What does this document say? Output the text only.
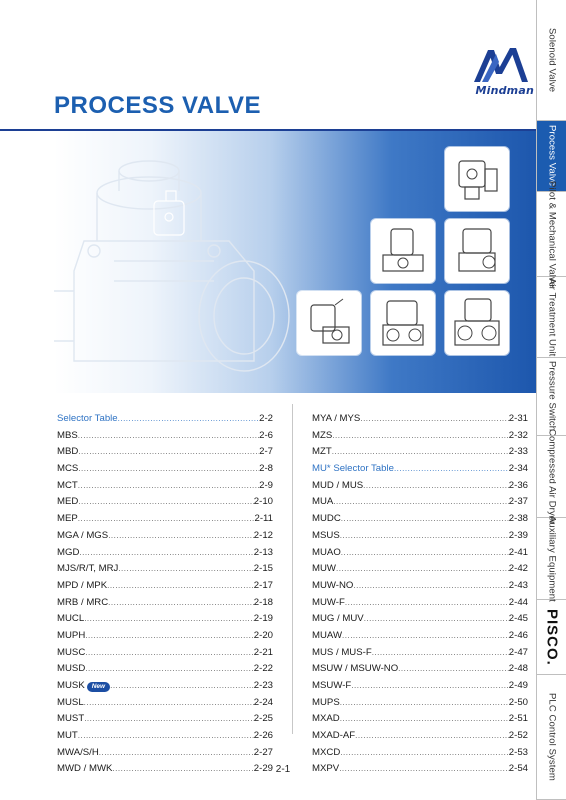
Mindman
PROCESS VALVE
Selector Table .....	2-2
MBS .....	2-6
MBD .....	2-7
MCS .....	2-8
MCT .....	2-9
MED .....	2-10
MEP .....	2-11
MGA / MGS .....	2-12
MGD .....	2-13
MJS/R/T, MRJ .....	2-15
MPD / MPK .....	2-17
MRB / MRC .....	2-18
MUCL .....	2-19
MUPH .....	2-20
MUSC .....	2-21
MUSD .....	2-22
MUSK	New .....	2-23
MUSL .....	2-24
MUST .....	2-25
MUT .....	2-26
MWA/S/H .....	2-27
MWD / MWK .....	2-29
MYA / MYS .....	2-31
MZS .....	2-32
MZT .....	2-33
MU* Selector Table .....	2-34
MUD / MUS .....	2-36
MUA .....	2-37
MUDC .....	2-38
MSUS .....	2-39
MUAO .....	2-41
MUW .....	2-42
MUW-NO .....	2-43
MUW-F .....	2-44
MUG / MUV .....	2-45
MUAW .....	2-46
MUS / MUS-F .....	2-47
MSUW / MSUW-NO .....	2-48
MSUW-F .....	2-49
MUPS .....	2-50
MXAD .....	2-51
MXAD-AF .....	2-52
MXCD .....	2-53
MXPV .....	2-54
2-1
Solenoid Valve
Process Valve
Pilot & Mechanical Valve
Air Treatment Unit
Pressure Switch
Compressed Air Dryer
Auxiliary Equipment
PISCO.
PLC Control System
